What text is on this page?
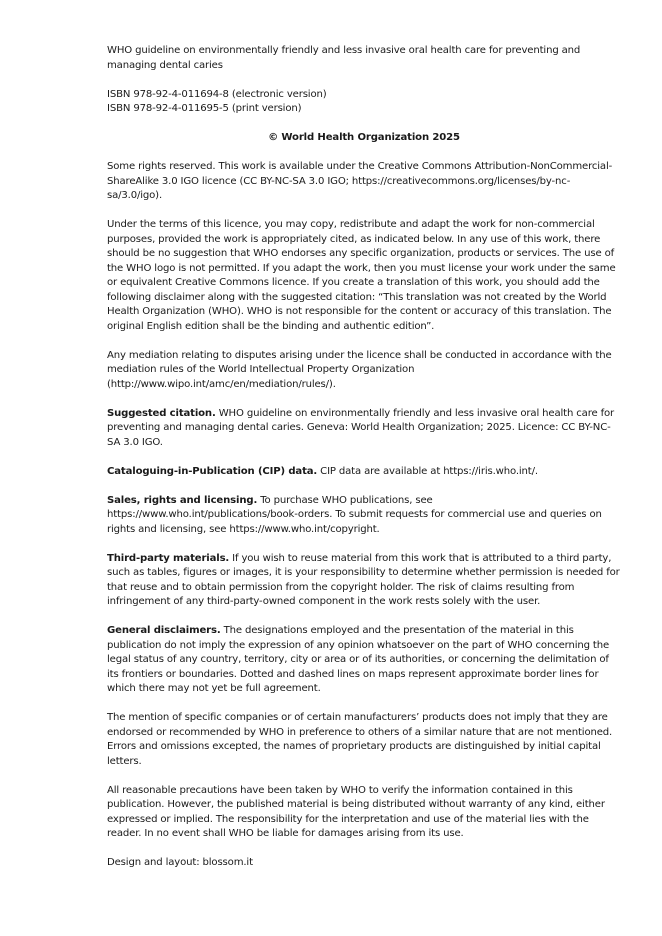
WHO guideline on environmentally friendly and less invasive oral health care for preventing and managing dental caries

ISBN 978-92-4-011694-8 (electronic version)

ISBN 978-92-4-011695-5 (print version)

© World Health Organization 2025

Some rights reserved. This work is available under the Creative Commons Attribution-NonCommercial-ShareAlike 3.0 IGO licence (CC BY-NC-SA 3.0 IGO; https://creativecommons.org/licenses/by-nc-sa/3.0/igo).

Under the terms of this licence, you may copy, redistribute and adapt the work for non-commercial purposes, provided the work is appropriately cited, as indicated below. In any use of this work, there should be no suggestion that WHO endorses any specific organization, products or services. The use of the WHO logo is not permitted. If you adapt the work, then you must license your work under the same or equivalent Creative Commons licence. If you create a translation of this work, you should add the following disclaimer along with the suggested citation: “This translation was not created by the World Health Organization (WHO). WHO is not responsible for the content or accuracy of this translation. The original English edition shall be the binding and authentic edition”.

Any mediation relating to disputes arising under the licence shall be conducted in accordance with the mediation rules of the World Intellectual Property Organization (http://www.wipo.int/amc/en/mediation/rules/).

Suggested citation. WHO guideline on environmentally friendly and less invasive oral health care for preventing and managing dental caries. Geneva: World Health Organization; 2025. Licence: CC BY-NC-SA 3.0 IGO.

Cataloguing-in-Publication (CIP) data. CIP data are available at https://iris.who.int/.

Sales, rights and licensing. To purchase WHO publications, see https://www.who.int/publications/book-orders. To submit requests for commercial use and queries on rights and licensing, see https://www.who.int/copyright.

Third-party materials. If you wish to reuse material from this work that is attributed to a third party, such as tables, figures or images, it is your responsibility to determine whether permission is needed for that reuse and to obtain permission from the copyright holder. The risk of claims resulting from infringement of any third-party-owned component in the work rests solely with the user.

General disclaimers. The designations employed and the presentation of the material in this publication do not imply the expression of any opinion whatsoever on the part of WHO concerning the legal status of any country, territory, city or area or of its authorities, or concerning the delimitation of its frontiers or boundaries. Dotted and dashed lines on maps represent approximate border lines for which there may not yet be full agreement.

The mention of specific companies or of certain manufacturers’ products does not imply that they are endorsed or recommended by WHO in preference to others of a similar nature that are not mentioned. Errors and omissions excepted, the names of proprietary products are distinguished by initial capital letters.

All reasonable precautions have been taken by WHO to verify the information contained in this publication. However, the published material is being distributed without warranty of any kind, either expressed or implied. The responsibility for the interpretation and use of the material lies with the reader. In no event shall WHO be liable for damages arising from its use.

Design and layout: blossom.it
